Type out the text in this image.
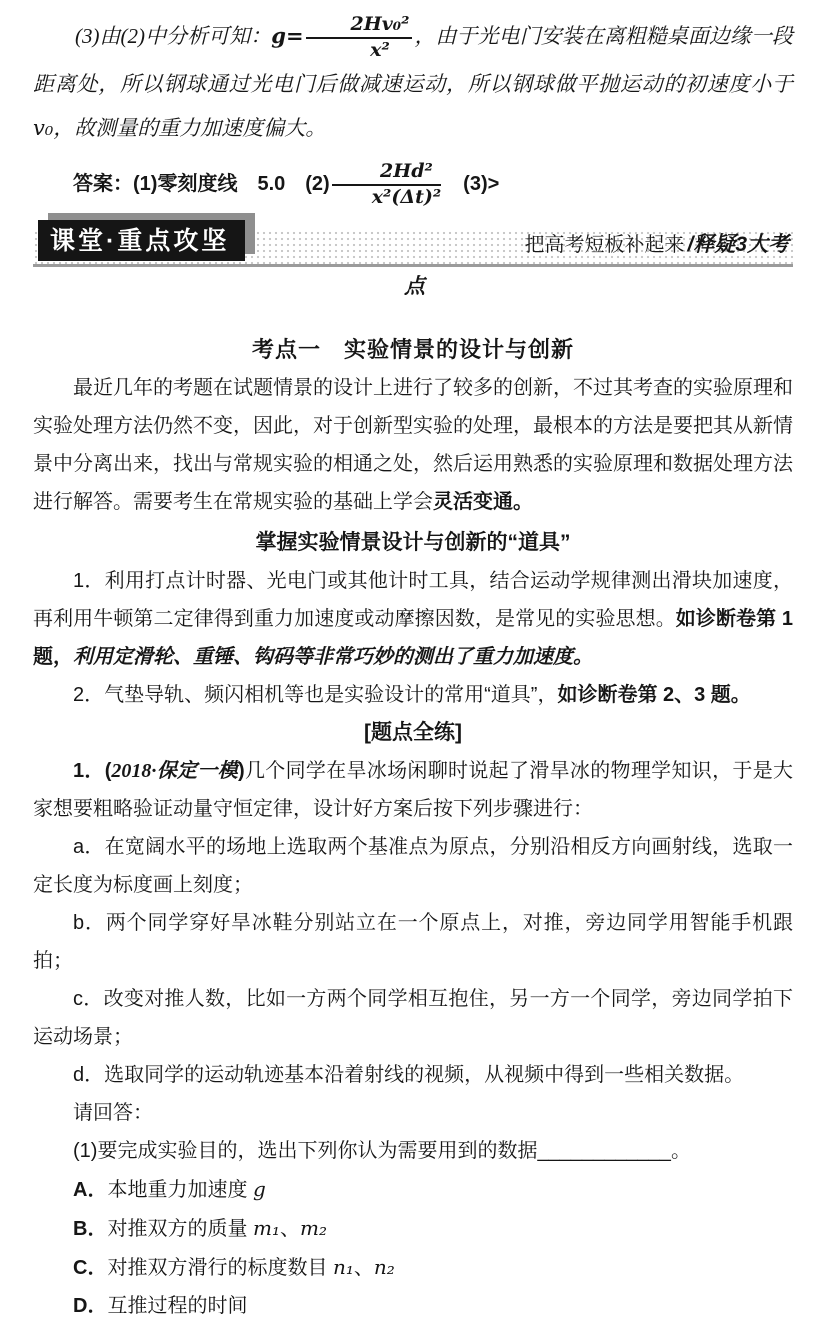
(3)由(2)中分析可知：$g= \frac{\text{2Hv₀²}}{\text{x²}}$ ，由于光电门安装在离粗糙桌面边缘一段距离处，所以钢球通过光电门后做减速运动，所以钢球做平抛运动的初速度小于 v₀，故测量的重力加速度偏大。

答案：(1)零刻度线　5.0　$(2) \frac{\text{2Hd²}}{\text{x²(Δt)²}}$ 　(3)>

课堂·重点攻坚	把高考短板补起来 /释疑3大考
点

考点一　实验情景的设计与创新

最近几年的考题在试题情景的设计上进行了较多的创新，不过其考查的实验原理和实验处理方法仍然不变，因此，对于创新型实验的处理，最根本的方法是要把其从新情景中分离出来，找出与常规实验的相通之处，然后运用熟悉的实验原理和数据处理方法进行解答。需要考生在常规实验的基础上学会灵活变通。

掌握实验情景设计与创新的“道具”

1．利用打点计时器、光电门或其他计时工具，结合运动学规律测出滑块加速度，再利用牛顿第二定律得到重力加速度或动摩擦因数，是常见的实验思想。如诊断卷第 1 题，利用定滑轮、重锤、钩码等非常巧妙的测出了重力加速度。

2．气垫导轨、频闪相机等也是实验设计的常用“道具”，如诊断卷第 2、3 题。

[题点全练]

1．(2018·保定一模)几个同学在旱冰场闲聊时说起了滑旱冰的物理学知识，于是大家想要粗略验证动量守恒定律，设计好方案后按下列步骤进行：

a．在宽阔水平的场地上选取两个基准点为原点，分别沿相反方向画射线，选取一定长度为标度画上刻度；

b．两个同学穿好旱冰鞋分别站立在一个原点上，对推，旁边同学用智能手机跟拍；

c．改变对推人数，比如一方两个同学相互抱住，另一方一个同学，旁边同学拍下运动场景；

d．选取同学的运动轨迹基本沿着射线的视频，从视频中得到一些相关数据。

请回答：

(1)要完成实验目的，选出下列你认为需要用到的数据____________。

A．本地重力加速度 g

B．对推双方的质量 m₁、m₂

C．对推双方滑行的标度数目 n₁、n₂

D．互推过程的时间
